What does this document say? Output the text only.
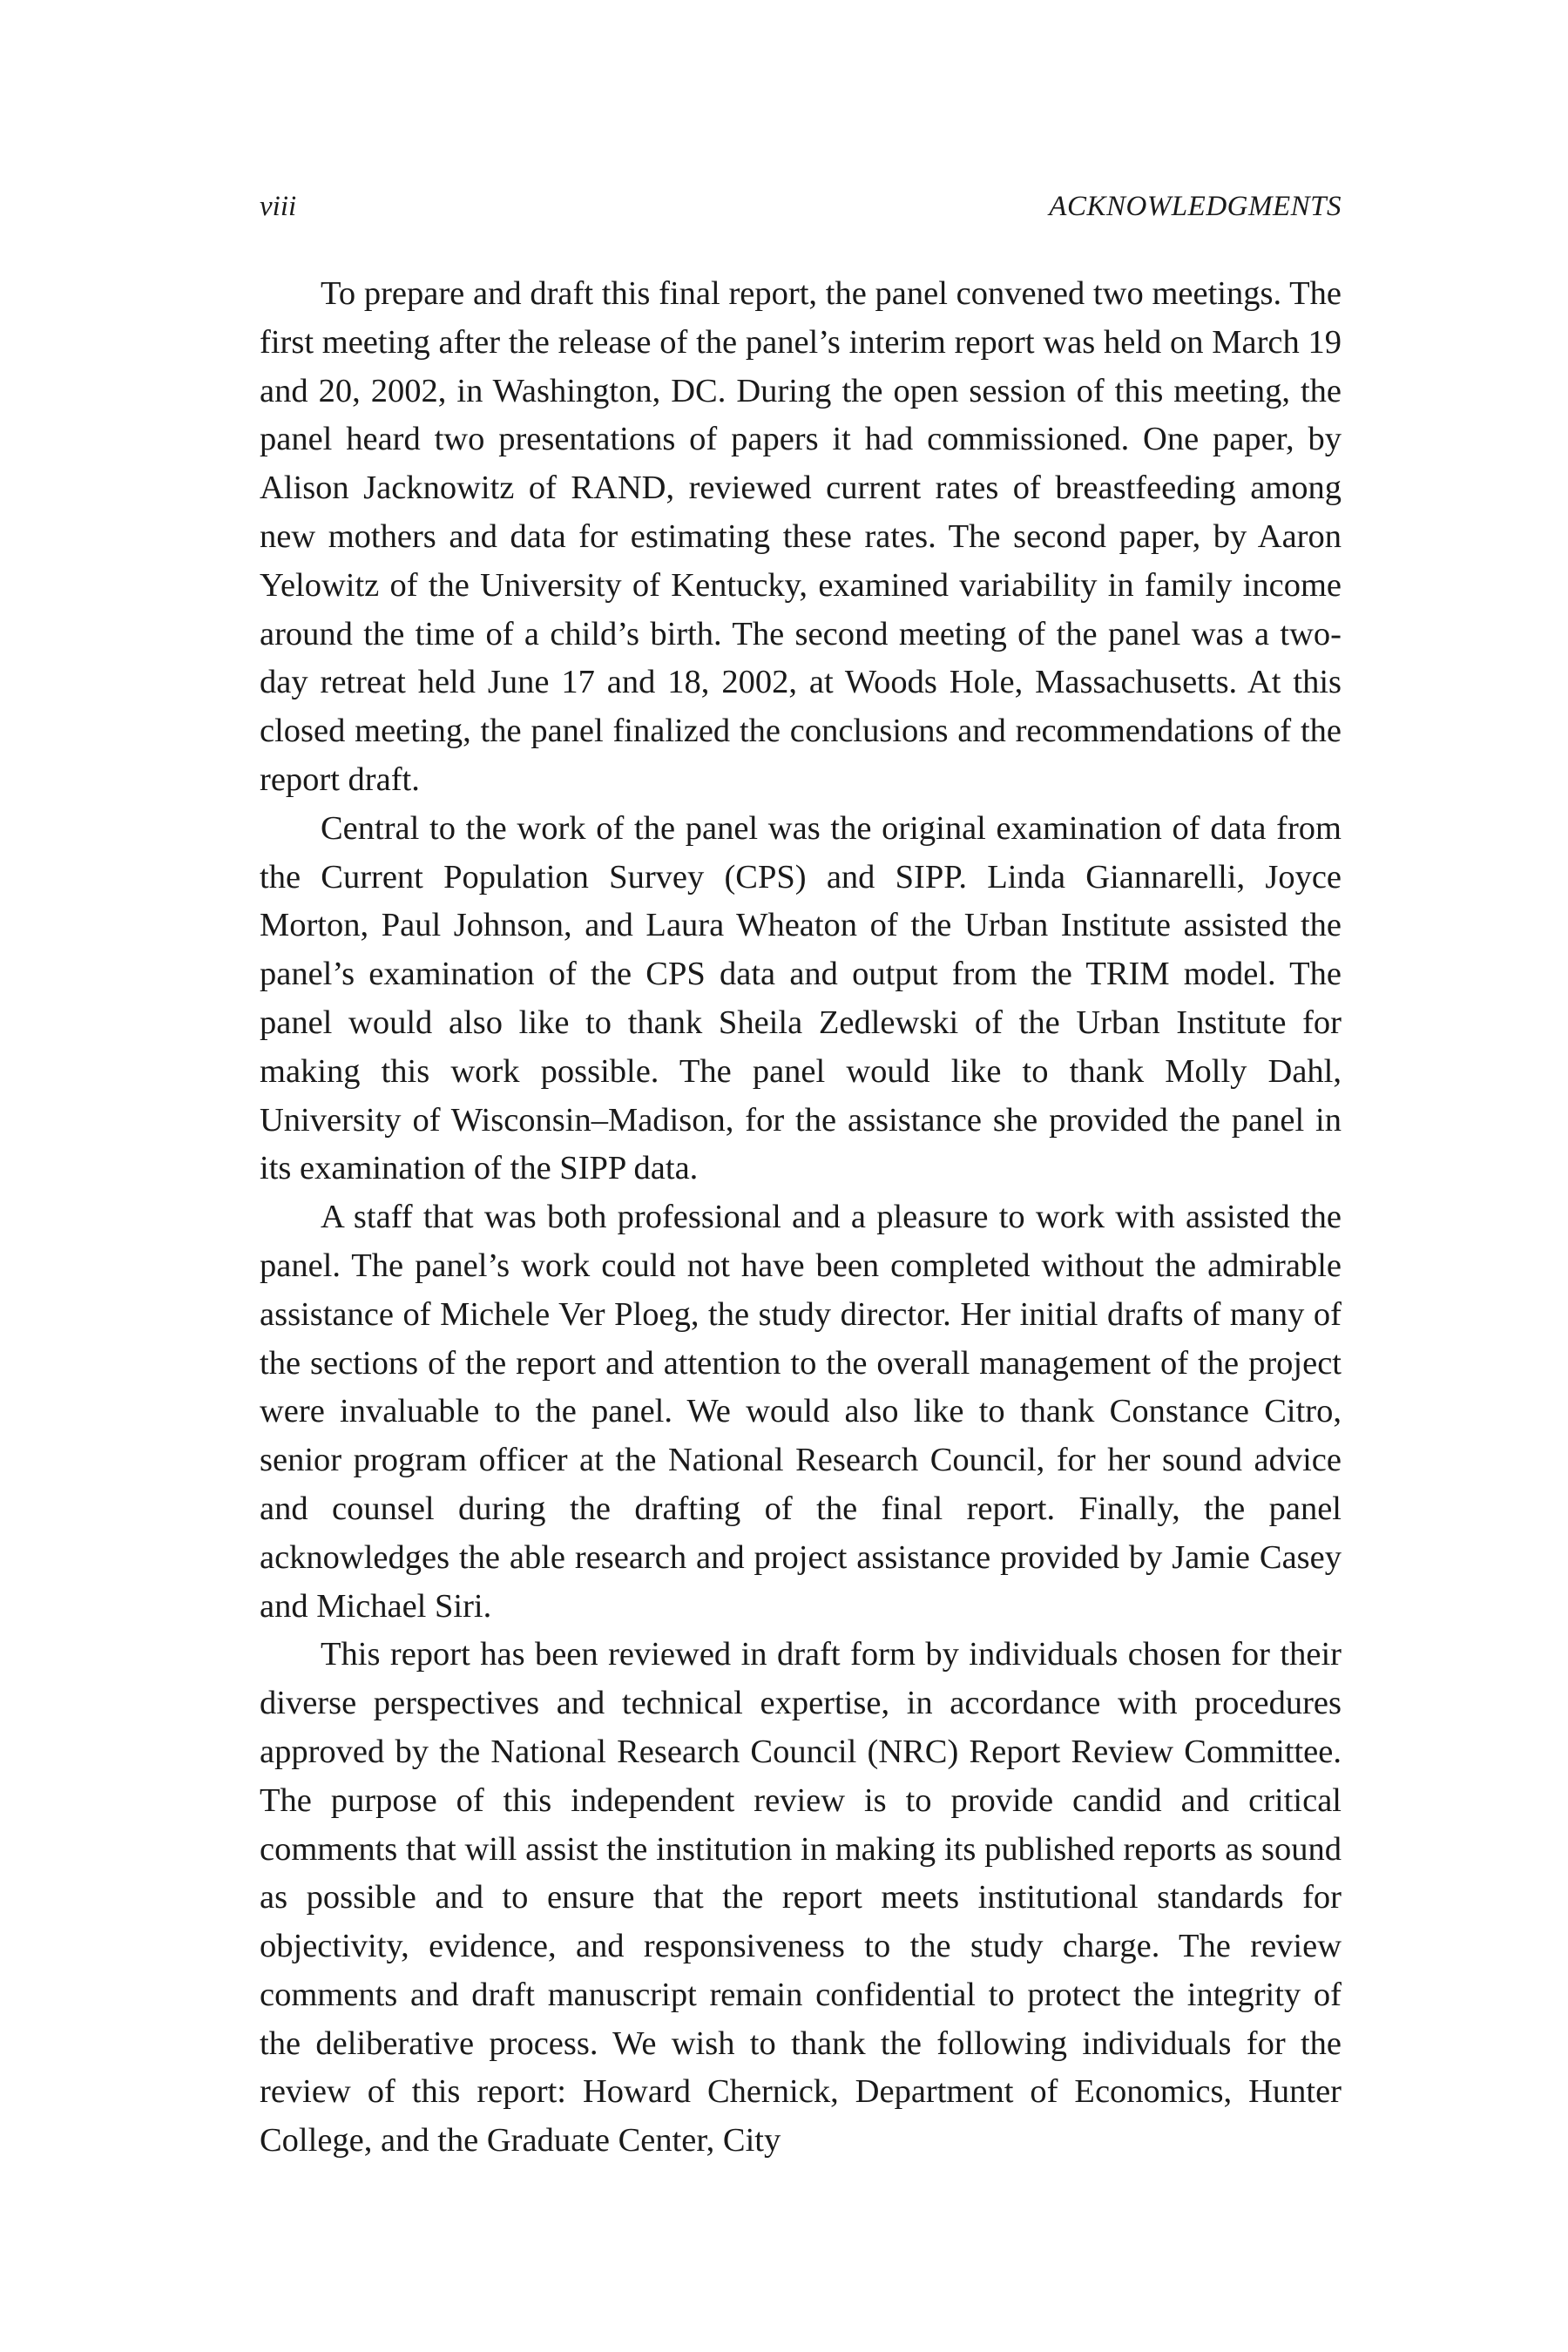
viii	ACKNOWLEDGMENTS

To prepare and draft this final report, the panel convened two meetings. The first meeting after the release of the panel’s interim report was held on March 19 and 20, 2002, in Washington, DC. During the open session of this meeting, the panel heard two presentations of papers it had commissioned. One paper, by Alison Jacknowitz of RAND, reviewed current rates of breastfeeding among new mothers and data for estimating these rates. The second paper, by Aaron Yelowitz of the University of Kentucky, examined variability in family income around the time of a child’s birth. The second meeting of the panel was a two-day retreat held June 17 and 18, 2002, at Woods Hole, Massachusetts. At this closed meeting, the panel finalized the conclusions and recommendations of the report draft.

Central to the work of the panel was the original examination of data from the Current Population Survey (CPS) and SIPP. Linda Giannarelli, Joyce Morton, Paul Johnson, and Laura Wheaton of the Urban Institute assisted the panel’s examination of the CPS data and output from the TRIM model. The panel would also like to thank Sheila Zedlewski of the Urban Institute for making this work possible. The panel would like to thank Molly Dahl, University of Wisconsin–Madison, for the assistance she provided the panel in its examination of the SIPP data.

A staff that was both professional and a pleasure to work with assisted the panel. The panel’s work could not have been completed without the admirable assistance of Michele Ver Ploeg, the study director. Her initial drafts of many of the sections of the report and attention to the overall management of the project were invaluable to the panel. We would also like to thank Constance Citro, senior program officer at the National Research Council, for her sound advice and counsel during the drafting of the final report. Finally, the panel acknowledges the able research and project assistance provided by Jamie Casey and Michael Siri.

This report has been reviewed in draft form by individuals chosen for their diverse perspectives and technical expertise, in accordance with procedures approved by the National Research Council (NRC) Report Review Committee. The purpose of this independent review is to provide candid and critical comments that will assist the institution in making its published reports as sound as possible and to ensure that the report meets institutional standards for objectivity, evidence, and responsiveness to the study charge. The review comments and draft manuscript remain confidential to protect the integrity of the deliberative process. We wish to thank the following individuals for the review of this report: Howard Chernick, Department of Economics, Hunter College, and the Graduate Center, City
